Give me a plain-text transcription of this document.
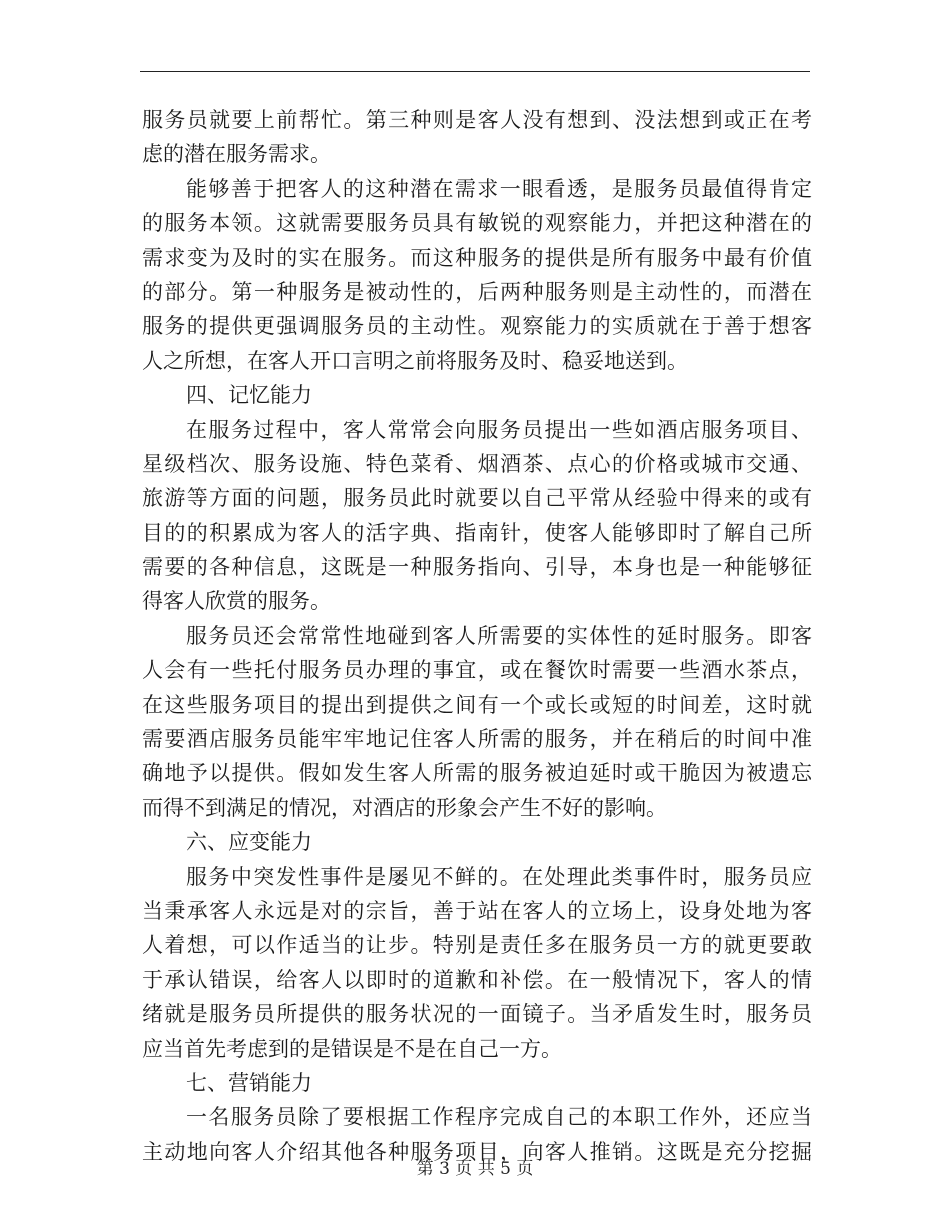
服务员就要上前帮忙。第三种则是客人没有想到、没法想到或正在考
虑的潜在服务需求。
能够善于把客人的这种潜在需求一眼看透，是服务员最值得肯定
的服务本领。这就需要服务员具有敏锐的观察能力，并把这种潜在的
需求变为及时的实在服务。而这种服务的提供是所有服务中最有价值
的部分。第一种服务是被动性的，后两种服务则是主动性的，而潜在
服务的提供更强调服务员的主动性。观察能力的实质就在于善于想客
人之所想，在客人开口言明之前将服务及时、稳妥地送到。
四、记忆能力
在服务过程中，客人常常会向服务员提出一些如酒店服务项目、
星级档次、服务设施、特色菜肴、烟酒茶、点心的价格或城市交通、
旅游等方面的问题，服务员此时就要以自己平常从经验中得来的或有
目的的积累成为客人的活字典、指南针，使客人能够即时了解自己所
需要的各种信息，这既是一种服务指向、引导，本身也是一种能够征
得客人欣赏的服务。
服务员还会常常性地碰到客人所需要的实体性的延时服务。即客
人会有一些托付服务员办理的事宜，或在餐饮时需要一些酒水茶点，
在这些服务项目的提出到提供之间有一个或长或短的时间差，这时就
需要酒店服务员能牢牢地记住客人所需的服务，并在稍后的时间中准
确地予以提供。假如发生客人所需的服务被迫延时或干脆因为被遗忘
而得不到满足的情况，对酒店的形象会产生不好的影响。
六、应变能力
服务中突发性事件是屡见不鲜的。在处理此类事件时，服务员应
当秉承客人永远是对的宗旨，善于站在客人的立场上，设身处地为客
人着想，可以作适当的让步。特别是责任多在服务员一方的就更要敢
于承认错误，给客人以即时的道歉和补偿。在一般情况下，客人的情
绪就是服务员所提供的服务状况的一面镜子。当矛盾发生时，服务员
应当首先考虑到的是错误是不是在自己一方。
七、营销能力
一名服务员除了要根据工作程序完成自己的本职工作外，还应当
主动地向客人介绍其他各种服务项目，向客人推销。这既是充分挖掘
第 3 页 共 5 页
